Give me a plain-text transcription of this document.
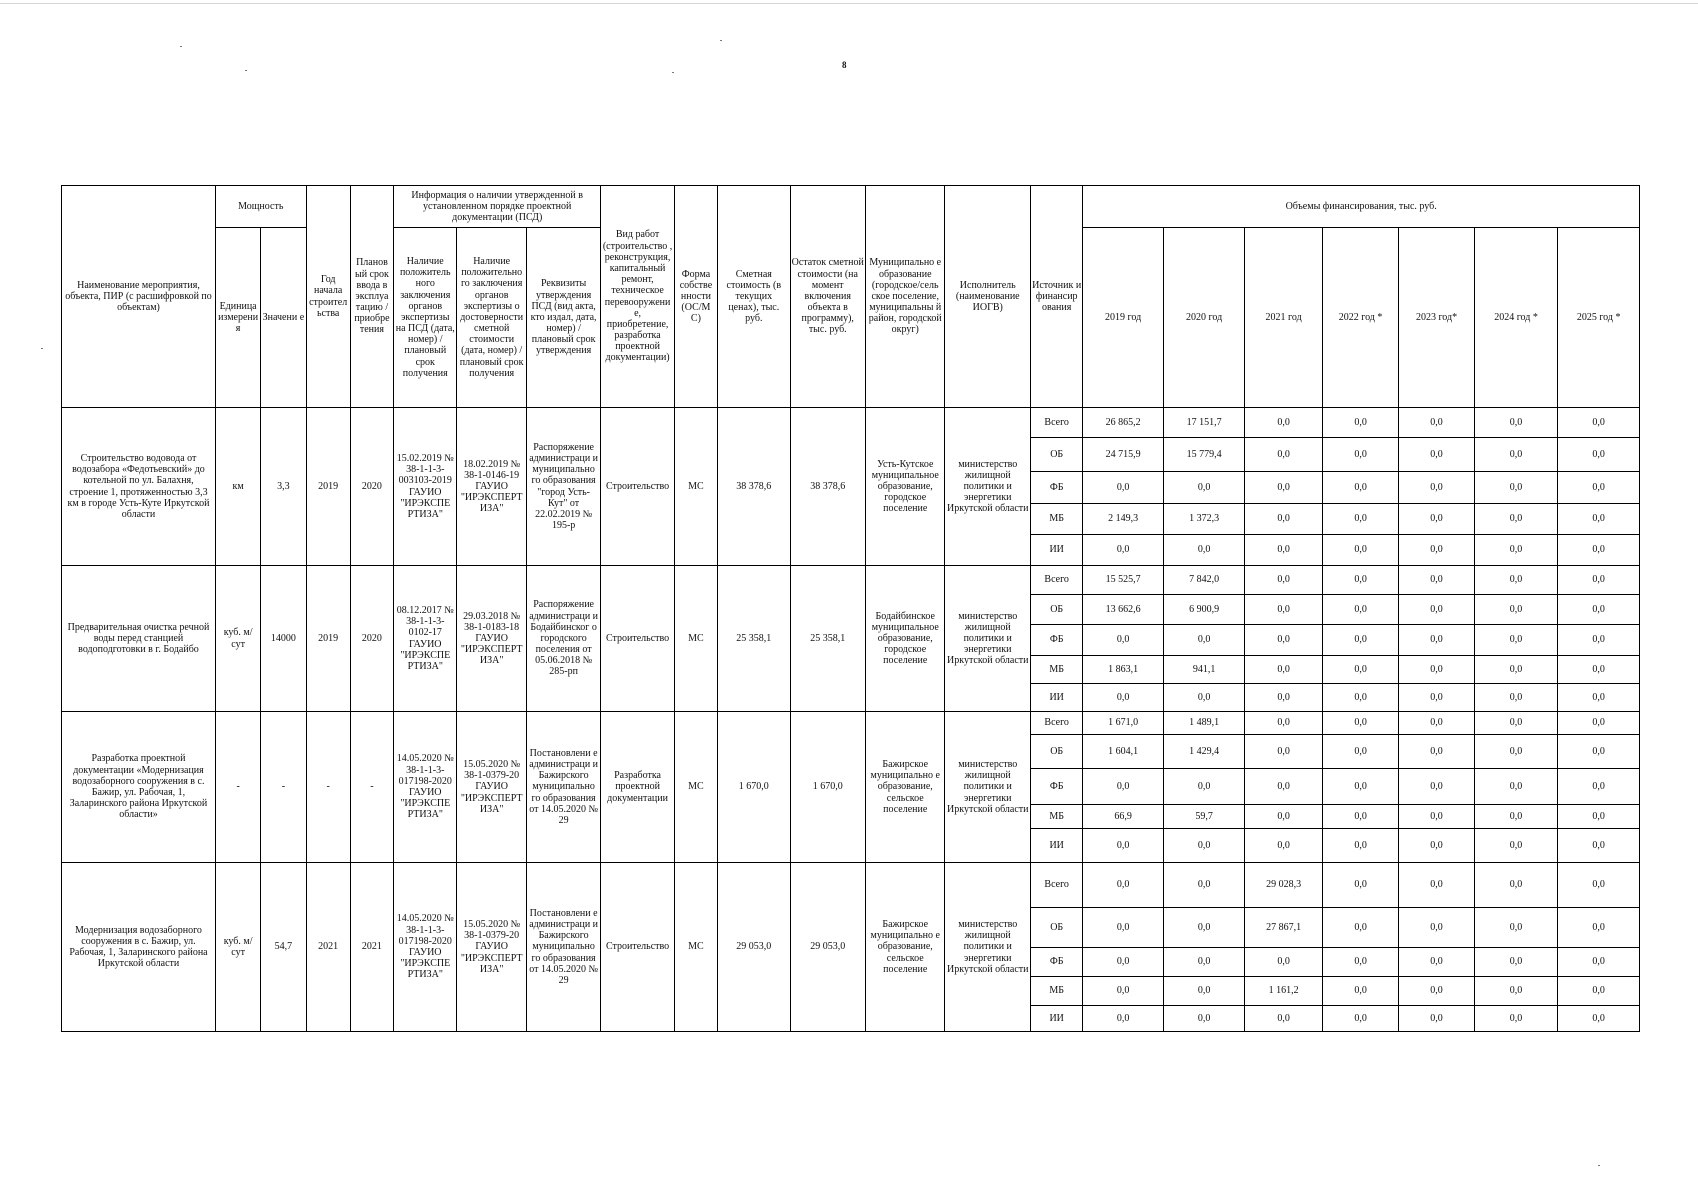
8
Наименование мероприятия, объекта, ПИР (с расшифровкой по объектам)	Мощность		Год начала строител ьства	Планов ый срок ввода в эксплуа тацию / приобре тения	Информация о наличии утвержденной в установленном порядке проектной документации (ПСД)			Вид работ (строительство , реконструкция, капитальный ремонт, техническое перевооружени е, приобретение, разработка проектной документации)	Форма собстве нности (ОС/М С)	Сметная стоимость (в текущих ценах), тыс. руб.	Остаток сметной стоимости (на момент включения объекта в программу), тыс. руб.	Муниципально е образование (городское/сель ское поселение, муниципальны й район, городской округ)	Исполнитель (наименование ИОГВ)	Источник и финансир ования	Объемы финансирования, тыс. руб.						
	Единица измерени я	Значени е			Наличие положитель ного заключения органов экспертизы на ПСД (дата, номер) / плановый срок получения	Наличие положительно го заключения органов экспертизы о достоверности сметной стоимости (дата, номер) / плановый срок получения	Реквизиты утверждения ПСД (вид акта, кто издал, дата, номер) / плановый срок утверждения								2019 год	2020 год	2021 год	2022 год *	2023 год*	2024 год *	2025 год *
Строительство водовода от водозабора «Федотьевский» до котельной по ул. Балахня, строение 1, протяженностью 3,3 км в городе Усть-Куте Иркутской области	км	3,3	2019	2020	15.02.2019 № 38-1-1-3-003103-2019 ГАУИО "ИРЭКСПЕ РТИЗА"	18.02.2019 № 38-1-0146-19 ГАУИО "ИРЭКСПЕРТ ИЗА"	Распоряжение администраци и муниципально го образования "город Усть-Кут" от 22.02.2019 № 195-р	Строительство	МС	38 378,6	38 378,6	Усть-Кутское муниципальное образование, городское поселение	министерство жилищной политики и энергетики Иркутской области	Всего	26 865,2	17 151,7	0,0	0,0	0,0	0,0	0,0
														ОБ	24 715,9	15 779,4	0,0	0,0	0,0	0,0	0,0
														ФБ	0,0	0,0	0,0	0,0	0,0	0,0	0,0
														МБ	2 149,3	1 372,3	0,0	0,0	0,0	0,0	0,0
														ИИ	0,0	0,0	0,0	0,0	0,0	0,0	0,0
Предварительная очистка речной воды перед станцией водоподготовки в г. Бодайбо	куб. м/сут	14000	2019	2020	08.12.2017 № 38-1-1-3-0102-17 ГАУИО "ИРЭКСПЕ РТИЗА"	29.03.2018 № 38-1-0183-18 ГАУИО "ИРЭКСПЕРТ ИЗА"	Распоряжение администраци и Бодайбинског о городского поселения от 05.06.2018 № 285-рп	Строительство	МС	25 358,1	25 358,1	Бодайбинское муниципальное образование, городское поселение	министерство жилищной политики и энергетики Иркутской области	Всего	15 525,7	7 842,0	0,0	0,0	0,0	0,0	0,0
														ОБ	13 662,6	6 900,9	0,0	0,0	0,0	0,0	0,0
														ФБ	0,0	0,0	0,0	0,0	0,0	0,0	0,0
														МБ	1 863,1	941,1	0,0	0,0	0,0	0,0	0,0
														ИИ	0,0	0,0	0,0	0,0	0,0	0,0	0,0
Разработка проектной документации «Модернизация водозаборного сооружения в с. Бажир, ул. Рабочая, 1, Заларинского района Иркутской области»	-	-	-	-	14.05.2020 № 38-1-1-3-017198-2020 ГАУИО "ИРЭКСПЕ РТИЗА"	15.05.2020 № 38-1-0379-20 ГАУИО "ИРЭКСПЕРТ ИЗА"	Постановлени е администраци и Бажирского муниципально го образования от 14.05.2020 № 29	Разработка проектной документации	МС	1 670,0	1 670,0	Бажирское муниципально е образование, сельское поселение	министерство жилищной политики и энергетики Иркутской области	Всего	1 671,0	1 489,1	0,0	0,0	0,0	0,0	0,0
														ОБ	1 604,1	1 429,4	0,0	0,0	0,0	0,0	0,0
														ФБ	0,0	0,0	0,0	0,0	0,0	0,0	0,0
														МБ	66,9	59,7	0,0	0,0	0,0	0,0	0,0
														ИИ	0,0	0,0	0,0	0,0	0,0	0,0	0,0
Модернизация водозаборного сооружения в с. Бажир, ул. Рабочая, 1, Заларинского района Иркутской области	куб. м/сут	54,7	2021	2021	14.05.2020 № 38-1-1-3-017198-2020 ГАУИО "ИРЭКСПЕ РТИЗА"	15.05.2020 № 38-1-0379-20 ГАУИО "ИРЭКСПЕРТ ИЗА"	Постановлени е администраци и Бажирского муниципально го образования от 14.05.2020 № 29	Строительство	МС	29 053,0	29 053,0	Бажирское муниципально е образование, сельское поселение	министерство жилищной политики и энергетики Иркутской области	Всего	0,0	0,0	29 028,3	0,0	0,0	0,0	0,0
														ОБ	0,0	0,0	27 867,1	0,0	0,0	0,0	0,0
														ФБ	0,0	0,0	0,0	0,0	0,0	0,0	0,0
														МБ	0,0	0,0	1 161,2	0,0	0,0	0,0	0,0
														ИИ	0,0	0,0	0,0	0,0	0,0	0,0	0,0
